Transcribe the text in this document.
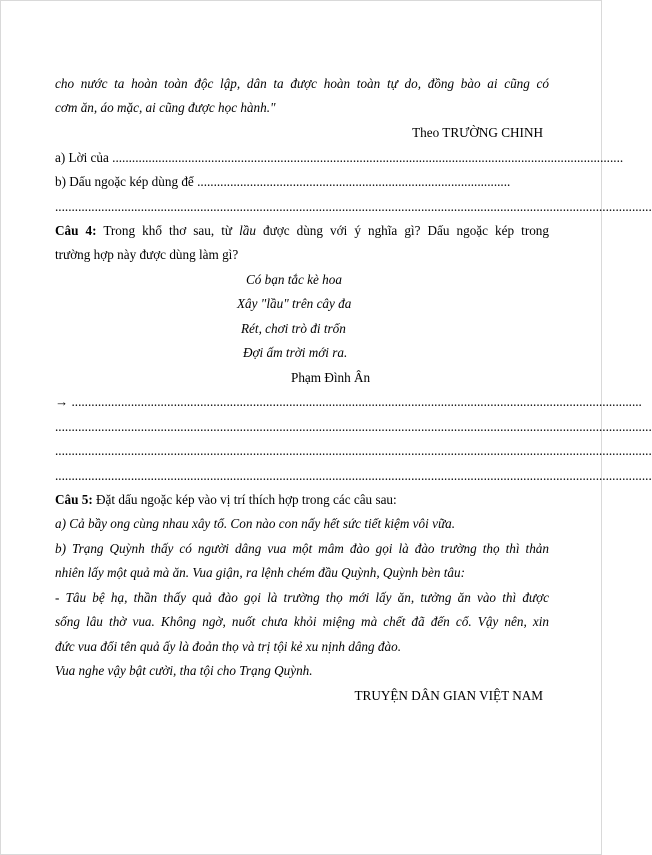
cho nước ta hoàn toàn độc lập, dân ta được hoàn toàn tự do, đồng bào ai cũng có
cơm ăn, áo mặc, ai cũng được học hành."
Theo TRƯỜNG CHINH
a) Lời của ...........................................................................................................................................................
b) Dấu ngoặc kép dùng để ...............................................................................................
.....................................................................................................................................................................................
Câu 4: Trong khổ thơ sau, từ lầu được dùng với ý nghĩa gì? Dấu ngoặc kép trong
trường hợp này được dùng làm gì?
Có bạn tắc kè hoa
Xây "lầu" trên cây đa
Rét, chơi trò đi trốn
Đợi ấm trời mới ra.
Phạm Đình Ân
→ .............................................................................................................................................................................
.....................................................................................................................................................................................
.....................................................................................................................................................................................
.....................................................................................................................................................................................
Câu 5: Đặt dấu ngoặc kép vào vị trí thích hợp trong các câu sau:
a) Cả bầy ong cùng nhau xây tổ. Con nào con nấy hết sức tiết kiệm vôi vữa.
b) Trạng Quỳnh thấy có người dâng vua một mâm đào gọi là đào trường thọ thì thản
nhiên lấy một quả mà ăn. Vua giận, ra lệnh chém đầu Quỳnh, Quỳnh bèn tâu:
- Tâu bệ hạ, thần thấy quả đào gọi là trường thọ mới lấy ăn, tưởng ăn vào thì được
sống lâu thờ vua. Không ngờ, nuốt chưa khỏi miệng mà chết đã đến cổ. Vậy nên, xin
đức vua đổi tên quả ấy là đoản thọ và trị tội kẻ xu nịnh dâng đào.
Vua nghe vậy bật cười, tha tội cho Trạng Quỳnh.
TRUYỆN DÂN GIAN VIỆT NAM
